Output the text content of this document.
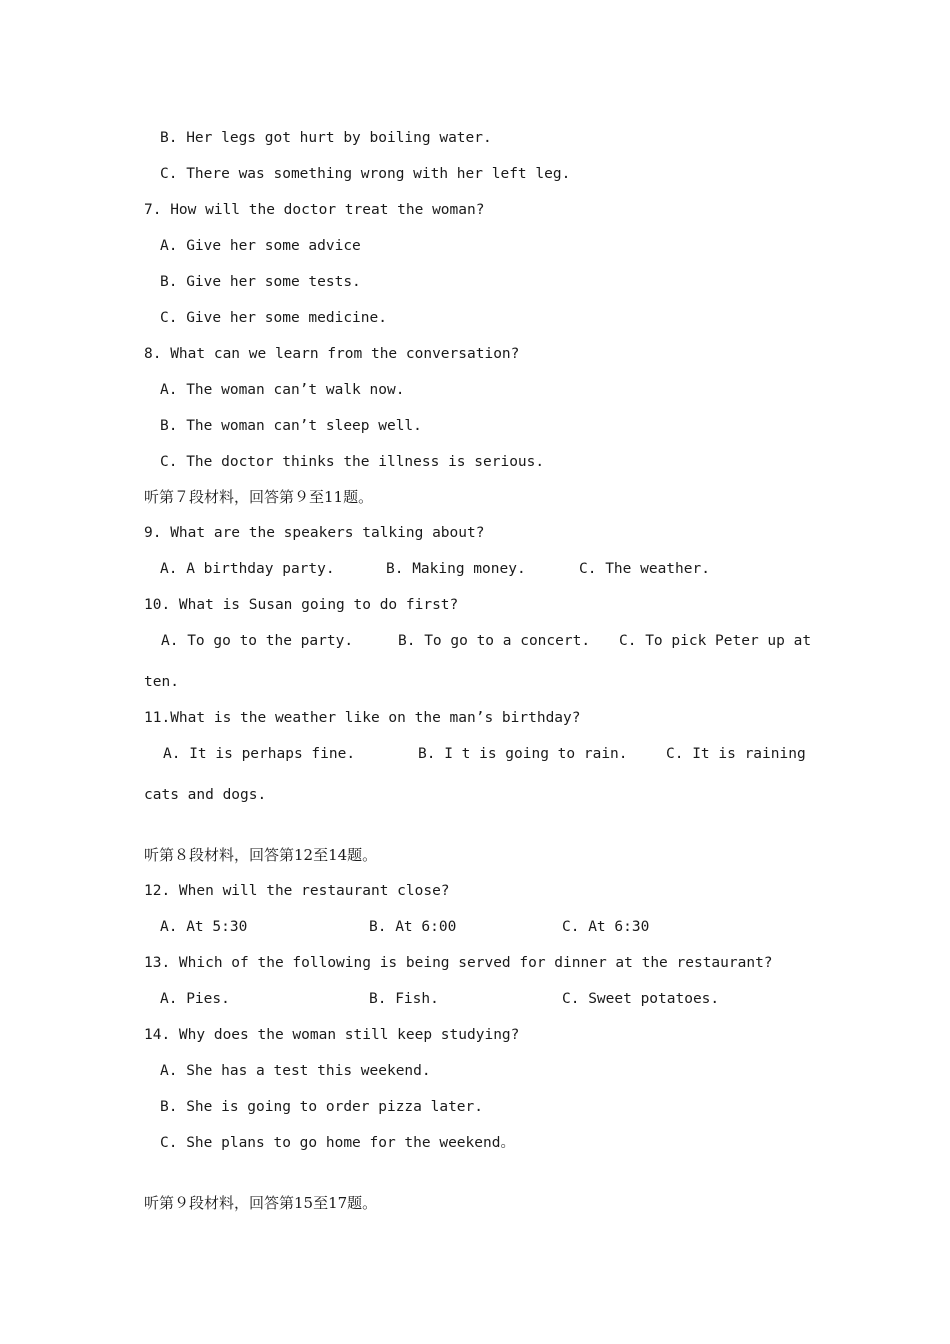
B. Her legs got hurt by boiling water.
C. There was something wrong with her left leg.
7. How will the doctor treat the woman?
A. Give her some advice
B. Give her some tests.
C. Give her some medicine.
8. What can we learn from the conversation?
A. The woman can’t walk now.
B. The woman can’t sleep well.
C. The doctor thinks the illness is serious.
听第７段材料，回答第９至11题。
9. What are the speakers talking about?

A. A birthday party.

	B. Making money.

	C. The weather.

10. What is Susan going to do first?

A. To go to the party.

	B. To go to a concert.

C. To pick Peter up at

ten.
11.What is the weather like on the man’s birthday?

A. It is perhaps fine.

	B. I t is going to rain.

	C. It is raining

cats and dogs.
听第８段材料，回答第12至14题。
12. When will the restaurant close?

A. At 5:30

	B. At 6:00

	C. At 6:30

13. Which of the following is being served for dinner at the restaurant?

A. Pies.

	B. Fish.

	C. Sweet potatoes.

14. Why does the woman still keep studying?
A. She has a test this weekend.
B. She is going to order pizza later.
C. She plans to go home for the weekend。
听第９段材料，回答第15至17题。
